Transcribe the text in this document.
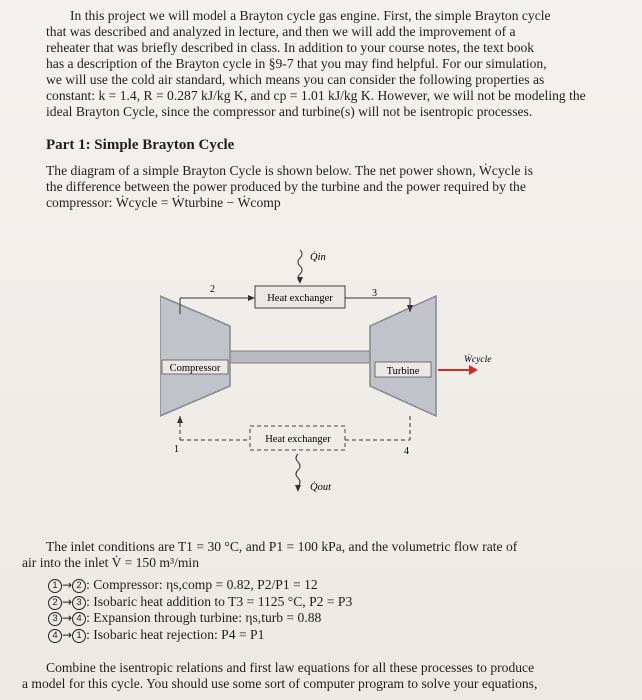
In this project we will model a Brayton cycle gas engine. First, the simple Brayton cycle
that was described and analyzed in lecture, and then we will add the improvement of a
reheater that was briefly described in class. In addition to your course notes, the text book
has a description of the Brayton cycle in §9-7 that you may find helpful. For our simulation,
we will use the cold air standard, which means you can consider the following properties as
constant: k = 1.4, R = 0.287 kJ/kg K, and cp = 1.01 kJ/kg K. However, we will not be modeling the
ideal Brayton Cycle, since the compressor and turbine(s) will not be isentropic processes.
Part 1: Simple Brayton Cycle
The diagram of a simple Brayton Cycle is shown below. The net power shown, Ẇcycle is
the difference between the power produced by the turbine and the power required by the
compressor: Ẇcycle = Ẇturbine − Ẇcomp
Compressor	Turbine
Heat exchanger
2	3
Q̇in
Ẇcycle
Heat exchanger
1	4
Q̇out
The inlet conditions are T1 = 30 °C, and P1 = 100 kPa, and the volumetric flow rate of
air into the inlet V̇ = 150 m³/min
1 → 2 : Compressor: ηs,comp = 0.82, P2/P1 = 12
2 → 3 : Isobaric heat addition to T3 = 1125 °C, P2 = P3
3 → 4 : Expansion through turbine: ηs,turb = 0.88
4 → 1 : Isobaric heat rejection: P4 = P1
Combine the isentropic relations and first law equations for all these processes to produce
a model for this cycle. You should use some sort of computer program to solve your equations,
